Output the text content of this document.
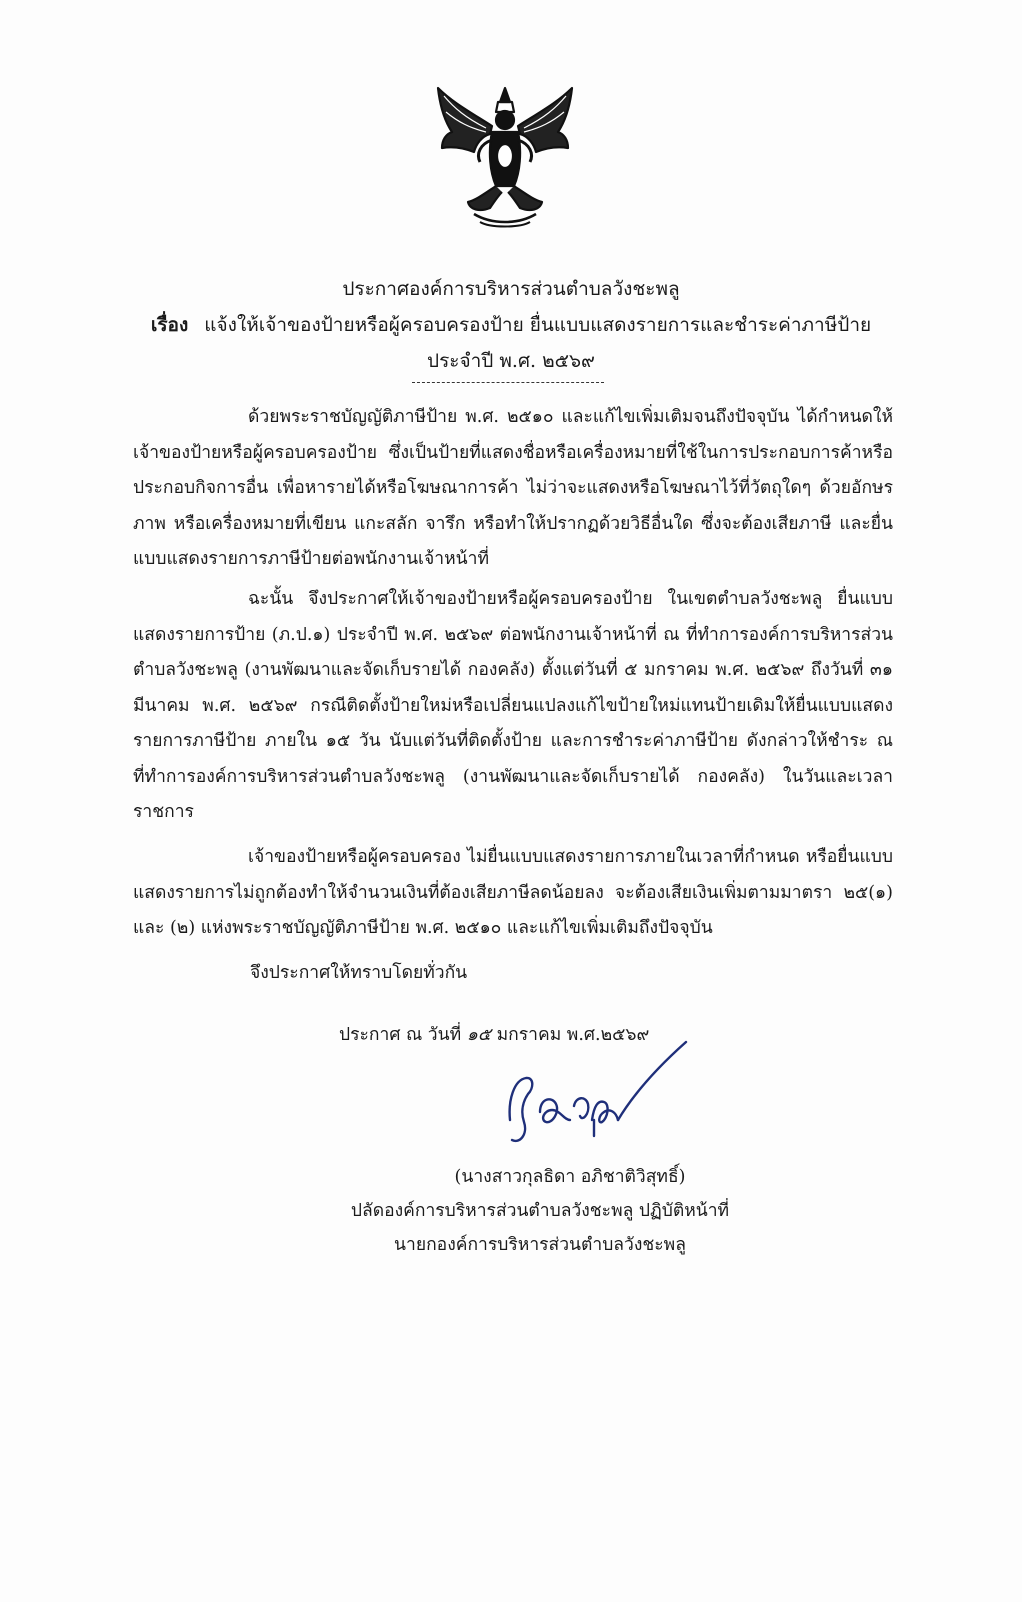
ประกาศองค์การบริหารส่วนตำบลวังชะพลู
เรื่อง แจ้งให้เจ้าของป้ายหรือผู้ครอบครองป้าย ยื่นแบบแสดงรายการและชำระค่าภาษีป้าย
ประจำปี พ.ศ. ๒๕๖๙
ด้วยพระราชบัญญัติภาษีป้าย พ.ศ. ๒๕๑๐ และแก้ไขเพิ่มเติมจนถึงปัจจุบัน ได้กำหนดให้เจ้าของป้ายหรือผู้ครอบครองป้าย ซึ่งเป็นป้ายที่แสดงชื่อหรือเครื่องหมายที่ใช้ในการประกอบการค้าหรือประกอบกิจการอื่น เพื่อหารายได้หรือโฆษณาการค้า ไม่ว่าจะแสดงหรือโฆษณาไว้ที่วัตถุใดๆ ด้วยอักษร ภาพ หรือเครื่องหมายที่เขียน แกะสลัก จารึก หรือทำให้ปรากฏด้วยวิธีอื่นใด ซึ่งจะต้องเสียภาษี และยื่นแบบแสดงรายการภาษีป้ายต่อพนักงานเจ้าหน้าที่
ฉะนั้น จึงประกาศให้เจ้าของป้ายหรือผู้ครอบครองป้าย ในเขตตำบลวังชะพลู ยื่นแบบแสดงรายการป้าย (ภ.ป.๑) ประจำปี พ.ศ. ๒๕๖๙ ต่อพนักงานเจ้าหน้าที่ ณ ที่ทำการองค์การบริหารส่วนตำบลวังชะพลู (งานพัฒนาและจัดเก็บรายได้ กองคลัง) ตั้งแต่วันที่ ๕ มกราคม พ.ศ. ๒๕๖๙ ถึงวันที่ ๓๑ มีนาคม พ.ศ. ๒๕๖๙ กรณีติดตั้งป้ายใหม่หรือเปลี่ยนแปลงแก้ไขป้ายใหม่แทนป้ายเดิมให้ยื่นแบบแสดงรายการภาษีป้าย ภายใน ๑๕ วัน นับแต่วันที่ติดตั้งป้าย และการชำระค่าภาษีป้าย ดังกล่าวให้ชำระ ณ ที่ทำการองค์การบริหารส่วนตำบลวังชะพลู (งานพัฒนาและจัดเก็บรายได้ กองคลัง) ในวันและเวลาราชการ
เจ้าของป้ายหรือผู้ครอบครอง ไม่ยื่นแบบแสดงรายการภายในเวลาที่กำหนด หรือยื่นแบบแสดงรายการไม่ถูกต้องทำให้จำนวนเงินที่ต้องเสียภาษีลดน้อยลง จะต้องเสียเงินเพิ่มตามมาตรา ๒๕(๑) และ (๒) แห่งพระราชบัญญัติภาษีป้าย พ.ศ. ๒๕๑๐ และแก้ไขเพิ่มเติมถึงปัจจุบัน
จึงประกาศให้ทราบโดยทั่วกัน
ประกาศ ณ วันที่ ๑๕ มกราคม พ.ศ.๒๕๖๙
(นางสาวกุลธิดา อภิชาติวิสุทธิ์)
ปลัดองค์การบริหารส่วนตำบลวังชะพลู ปฏิบัติหน้าที่
นายกองค์การบริหารส่วนตำบลวังชะพลู
